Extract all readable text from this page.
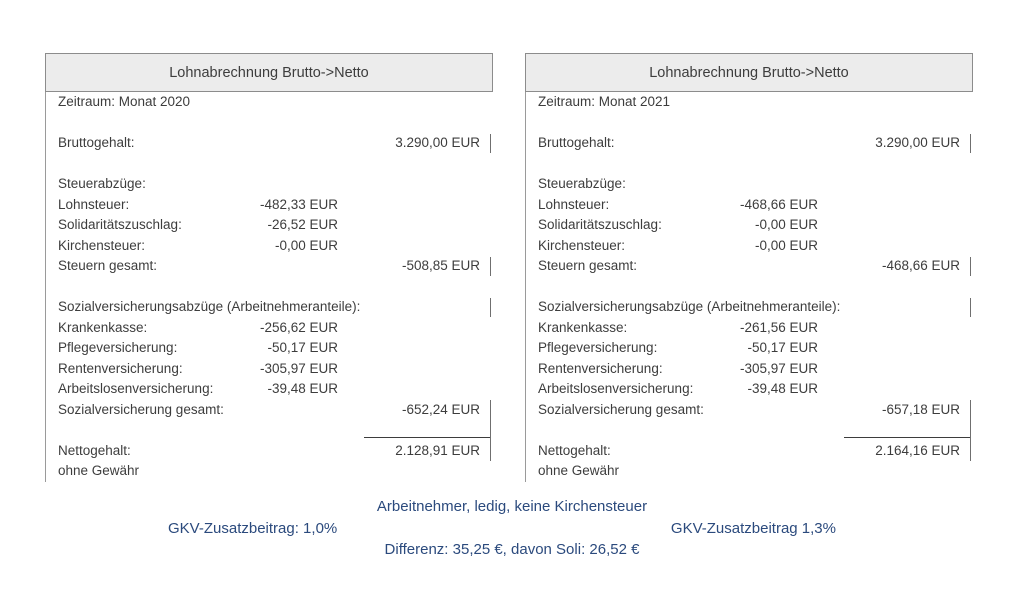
Lohnabrechnung Brutto->Netto
Zeitraum: Monat 2020
Bruttogehalt:	3.290,00 EUR
Steuerabzüge:
Lohnsteuer:	-482,33 EUR
Solidaritätszuschlag:	-26,52 EUR
Kirchensteuer:	-0,00 EUR
Steuern gesamt:	-508,85 EUR
Sozialversicherungsabzüge (Arbeitnehmeranteile):
Krankenkasse:	-256,62 EUR
Pflegeversicherung:	-50,17 EUR
Rentenversicherung:	-305,97 EUR
Arbeitslosenversicherung:	-39,48 EUR
Sozialversicherung gesamt:	-652,24 EUR
Nettogehalt:	2.128,91 EUR
ohne Gewähr
Lohnabrechnung Brutto->Netto
Zeitraum: Monat 2021
Bruttogehalt:	3.290,00 EUR
Steuerabzüge:
Lohnsteuer:	-468,66 EUR
Solidaritätszuschlag:	-0,00 EUR
Kirchensteuer:	-0,00 EUR
Steuern gesamt:	-468,66 EUR
Sozialversicherungsabzüge (Arbeitnehmeranteile):
Krankenkasse:	-261,56 EUR
Pflegeversicherung:	-50,17 EUR
Rentenversicherung:	-305,97 EUR
Arbeitslosenversicherung:	-39,48 EUR
Sozialversicherung gesamt:	-657,18 EUR
Nettogehalt:	2.164,16 EUR
ohne Gewähr
Arbeitnehmer, ledig, keine Kirchensteuer
GKV-Zusatzbeitrag: 1,0%	GKV-Zusatzbeitrag 1,3%
Differenz: 35,25 €, davon Soli: 26,52 €
